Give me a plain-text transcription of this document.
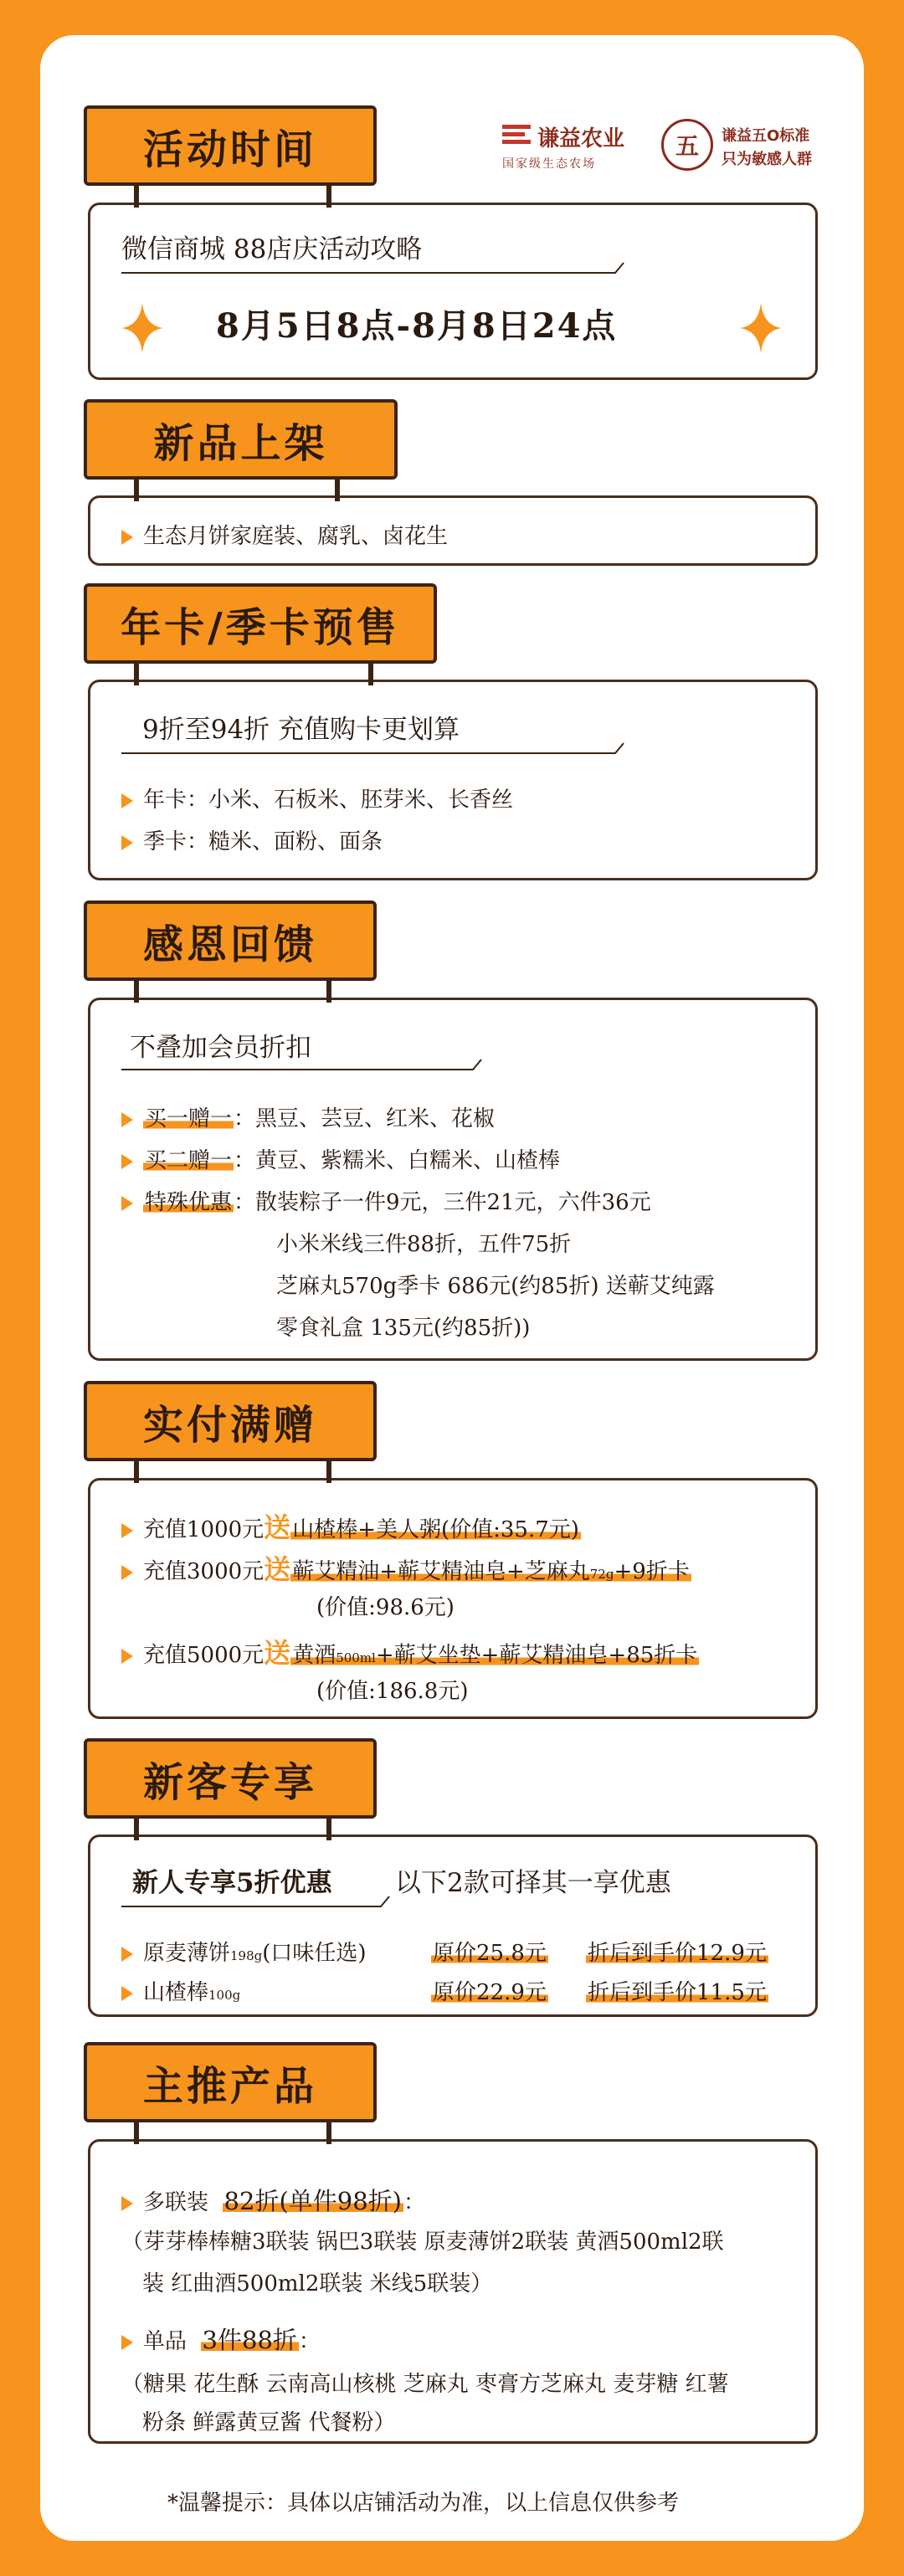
谦益农业
国家级生态农场
五 谦益五O标准
只为敏感人群
活动时间
微信商城 88店庆活动攻略
8月5日8点-8月8日24点
新品上架
生态月饼家庭装、腐乳、卤花生
年卡/季卡预售
9折至94折 充值购卡更划算
年卡：小米、石板米、胚芽米、长香丝
季卡：糙米、面粉、面条
感恩回馈
不叠加会员折扣
买一赠一：黑豆、芸豆、红米、花椒
买二赠一：黄豆、紫糯米、白糯米、山楂棒
特殊优惠：散装粽子一件9元，三件21元，六件36元
小米米线三件88折，五件75折
芝麻丸570g季卡 686元(约85折) 送蕲艾纯露
零食礼盒 135元(约85折))
实付满赠
充值1000元送山楂棒+美人粥(价值:35.7元)
充值3000元送蕲艾精油+蕲艾精油皂+芝麻丸72g+9折卡
(价值:98.6元)
充值5000元送黄酒500ml+蕲艾坐垫+蕲艾精油皂+85折卡
(价值:186.8元)
新客专享
新人专享5折优惠 以下2款可择其一享优惠
原麦薄饼198g(口味任选)	原价25.8元 折后到手价12.9元
山楂棒100g	原价22.9元 折后到手价11.5元
主推产品
多联装 82折(单件98折)：
（芽芽棒棒糖3联装 锅巴3联装 原麦薄饼2联装 黄酒500ml2联
装 红曲酒500ml2联装 米线5联装）
单品 3件88折：
（糖果 花生酥 云南高山核桃 芝麻丸 枣膏方芝麻丸 麦芽糖 红薯
粉条 鲜露黄豆酱 代餐粉）
*温馨提示：具体以店铺活动为准，以上信息仅供参考
